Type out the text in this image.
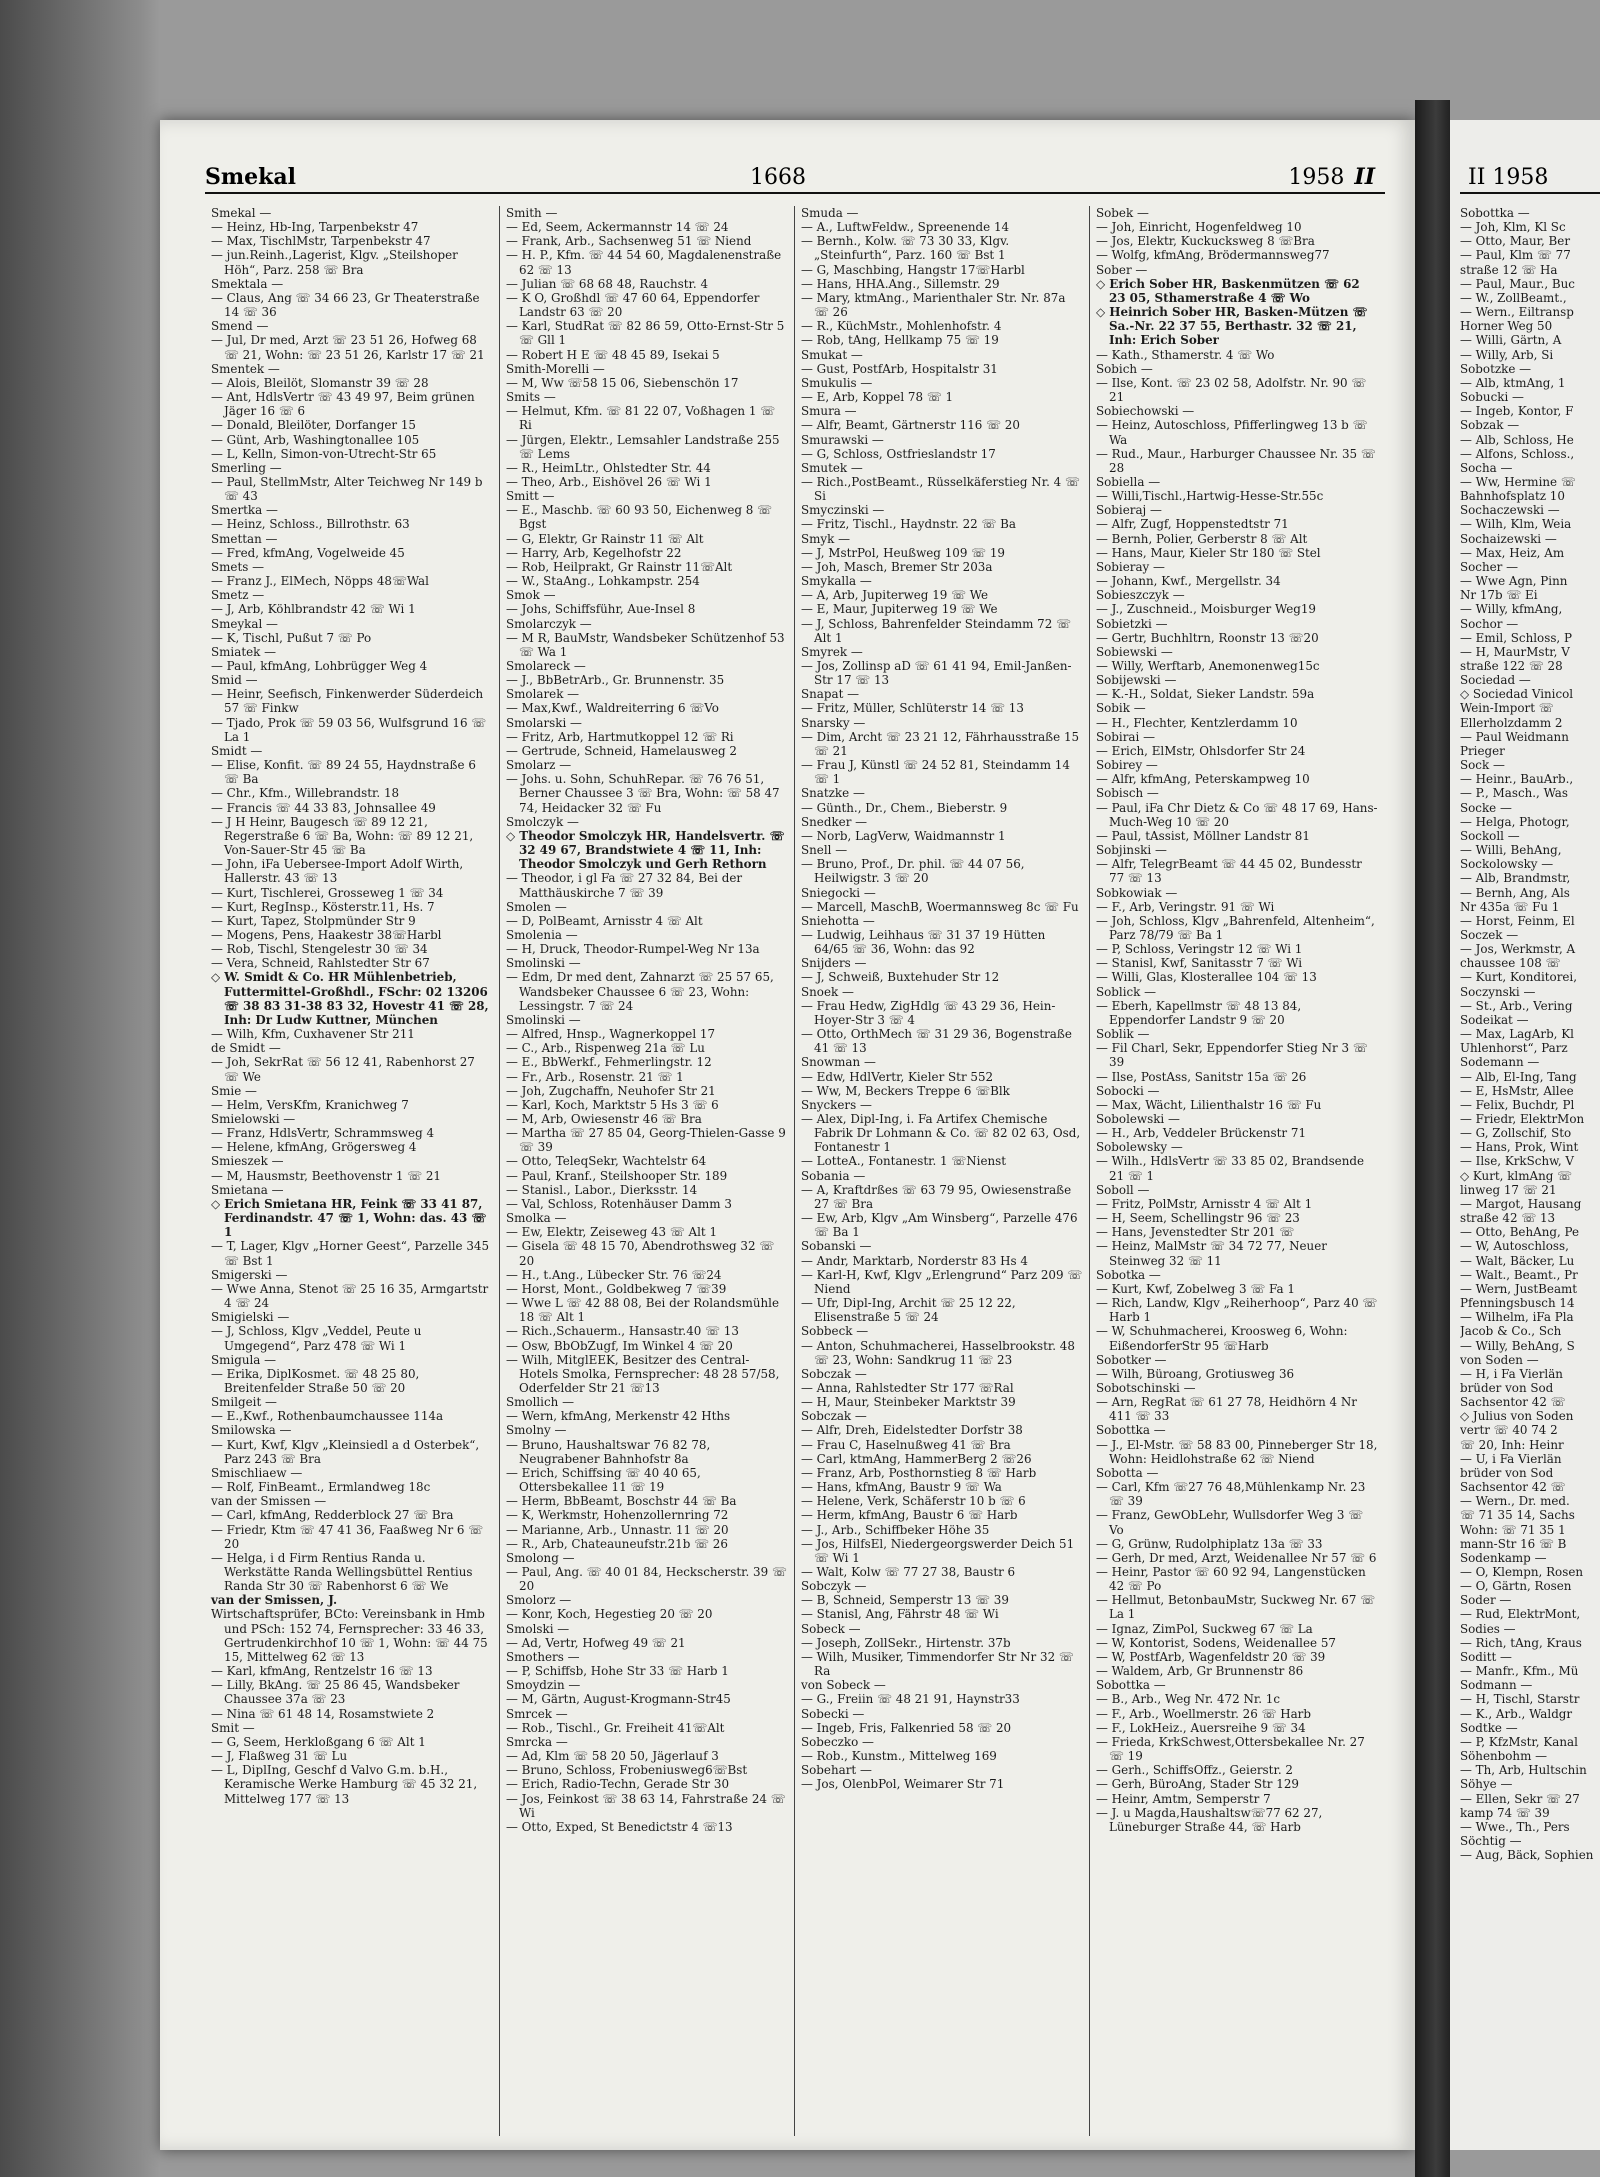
Smekal	1668	1958 II
Smekal —
— Heinz, Hb-Ing, Tarpenbekstr 47
— Max, TischlMstr, Tarpenbekstr 47
— jun.Reinh.,Lagerist, Klgv. „Steilshoper Höh“, Parz. 258 ☏ Bra
Smektala —
— Claus, Ang ☏ 34 66 23, Gr Theaterstraße 14 ☏ 36
Smend —
— Jul, Dr med, Arzt ☏ 23 51 26, Hofweg 68 ☏ 21, Wohn: ☏ 23 51 26, Karlstr 17 ☏ 21
Smentek —
— Alois, Bleilöt, Slomanstr 39 ☏ 28
— Ant, HdlsVertr ☏ 43 49 97, Beim grünen Jäger 16 ☏ 6
— Donald, Bleilöter, Dorfanger 15
— Günt, Arb, Washingtonallee 105
— L, Kelln, Simon-von-Utrecht-Str 65
Smerling —
— Paul, StellmMstr, Alter Teichweg Nr 149 b ☏ 43
Smertka —
— Heinz, Schloss., Billrothstr. 63
Smettan —
— Fred, kfmAng, Vogelweide 45
Smets —
— Franz J., ElMech, Nöpps 48☏Wal
Smetz —
— J, Arb, Köhlbrandstr 42 ☏ Wi 1
Smeykal —
— K, Tischl, Pußut 7 ☏ Po
Smiatek —
— Paul, kfmAng, Lohbrügger Weg 4
Smid —
— Heinr, Seefisch, Finkenwerder Süderdeich 57 ☏ Finkw
— Tjado, Prok ☏ 59 03 56, Wulfsgrund 16 ☏ La 1
Smidt —
— Elise, Konfit. ☏ 89 24 55, Haydnstraße 6 ☏ Ba
— Chr., Kfm., Willebrandstr. 18
— Francis ☏ 44 33 83, Johnsallee 49
— J H Heinr, Baugesch ☏ 89 12 21, Regerstraße 6 ☏ Ba, Wohn: ☏ 89 12 21, Von-Sauer-Str 45 ☏ Ba
— John, iFa Uebersee-Import Adolf Wirth, Hallerstr. 43 ☏ 13
— Kurt, Tischlerei, Grosseweg 1 ☏ 34
— Kurt, RegInsp., Kösterstr.11, Hs. 7
— Kurt, Tapez, Stolpmünder Str 9
— Mogens, Pens, Haakestr 38☏Harbl
— Rob, Tischl, Stengelestr 30 ☏ 34
— Vera, Schneid, Rahlstedter Str 67
◇ W. Smidt & Co. HR Mühlenbetrieb, Futtermittel-Großhdl., FSchr: 02 13206 ☏ 38 83 31-38 83 32, Hovestr 41 ☏ 28, Inh: Dr Ludw Kuttner, München
— Wilh, Kfm, Cuxhavener Str 211
de Smidt —
— Joh, SekrRat ☏ 56 12 41, Rabenhorst 27 ☏ We
Smie —
— Helm, VersKfm, Kranichweg 7
Smielowski —
— Franz, HdlsVertr, Schrammsweg 4
— Helene, kfmAng, Grögersweg 4
Smieszek —
— M, Hausmstr, Beethovenstr 1 ☏ 21
Smietana —
◇ Erich Smietana HR, Feink ☏ 33 41 87, Ferdinandstr. 47 ☏ 1, Wohn: das. 43 ☏ 1
— T, Lager, Klgv „Horner Geest“, Parzelle 345 ☏ Bst 1
Smigerski —
— Wwe Anna, Stenot ☏ 25 16 35, Armgartstr 4 ☏ 24
Smigielski —
— J, Schloss, Klgv „Veddel, Peute u Umgegend“, Parz 478 ☏ Wi 1
Smigula —
— Erika, DiplKosmet. ☏ 48 25 80, Breitenfelder Straße 50 ☏ 20
Smilgeit —
— E.,Kwf., Rothenbaumchaussee 114a
Smilowska —
— Kurt, Kwf, Klgv „Kleinsiedl a d Osterbek“, Parz 243 ☏ Bra
Smischliaew —
— Rolf, FinBeamt., Ermlandweg 18c
van der Smissen —
— Carl, kfmAng, Redderblock 27 ☏ Bra
— Friedr, Ktm ☏ 47 41 36, Faaßweg Nr 6 ☏ 20
— Helga, i d Firm Rentius Randa u. Werkstätte Randa Wellingsbüttel Rentius Randa Str 30 ☏ Rabenhorst 6 ☏ We
van der Smissen, J.
Wirtschaftsprüfer, BCto: Vereinsbank in Hmb und PSch: 152 74, Fernsprecher: 33 46 33, Gertrudenkirchhof 10 ☏ 1, Wohn: ☏ 44 75 15, Mittelweg 62 ☏ 13
— Karl, kfmAng, Rentzelstr 16 ☏ 13
— Lilly, BkAng. ☏ 25 86 45, Wandsbeker Chaussee 37a ☏ 23
— Nina ☏ 61 48 14, Rosamstwiete 2
Smit —
— G, Seem, Herkloßgang 6 ☏ Alt 1
— J, Flaßweg 31 ☏ Lu
— L, DiplIng, Geschf d Valvo G.m. b.H., Keramische Werke Hamburg ☏ 45 32 21, Mittelweg 177 ☏ 13
Smith —
— Ed, Seem, Ackermannstr 14 ☏ 24
— Frank, Arb., Sachsenweg 51 ☏ Niend
— H. P., Kfm. ☏ 44 54 60, Magdalenenstraße 62 ☏ 13
— Julian ☏ 68 68 48, Rauchstr. 4
— K O, Großhdl ☏ 47 60 64, Eppendorfer Landstr 63 ☏ 20
— Karl, StudRat ☏ 82 86 59, Otto-Ernst-Str 5 ☏ Gll 1
— Robert H E ☏ 48 45 89, Isekai 5
Smith-Morelli —
— M, Ww ☏58 15 06, Siebenschön 17
Smits —
— Helmut, Kfm. ☏ 81 22 07, Voßhagen 1 ☏ Ri
— Jürgen, Elektr., Lemsahler Landstraße 255 ☏ Lems
— R., HeimLtr., Ohlstedter Str. 44
— Theo, Arb., Eishövel 26 ☏ Wi 1
Smitt —
— E., Maschb. ☏ 60 93 50, Eichenweg 8 ☏ Bgst
— G, Elektr, Gr Rainstr 11 ☏ Alt
— Harry, Arb, Kegelhofstr 22
— Rob, Heilprakt, Gr Rainstr 11☏Alt
— W., StaAng., Lohkampstr. 254
Smok —
— Johs, Schiffsführ, Aue-Insel 8
Smolarczyk —
— M R, BauMstr, Wandsbeker Schützenhof 53 ☏ Wa 1
Smolareck —
— J., BbBetrArb., Gr. Brunnenstr. 35
Smolarek —
— Max,Kwf., Waldreiterring 6 ☏Vo
Smolarski —
— Fritz, Arb, Hartmutkoppel 12 ☏ Ri
— Gertrude, Schneid, Hamelausweg 2
Smolarz —
— Johs. u. Sohn, SchuhRepar. ☏ 76 76 51, Berner Chaussee 3 ☏ Bra, Wohn: ☏ 58 47 74, Heidacker 32 ☏ Fu
Smolczyk —
◇ Theodor Smolczyk HR, Handelsvertr. ☏ 32 49 67, Brandstwiete 4 ☏ 11, Inh: Theodor Smolczyk und Gerh Rethorn
— Theodor, i gl Fa ☏ 27 32 84, Bei der Matthäuskirche 7 ☏ 39
Smolen —
— D, PolBeamt, Arnisstr 4 ☏ Alt
Smolenia —
— H, Druck, Theodor-Rumpel-Weg Nr 13a
Smolinski —
— Edm, Dr med dent, Zahnarzt ☏ 25 57 65, Wandsbeker Chaussee 6 ☏ 23, Wohn: Lessingstr. 7 ☏ 24
Smolinski —
— Alfred, Hnsp., Wagnerkoppel 17
— C., Arb., Rispenweg 21a ☏ Lu
— E., BbWerkf., Fehmerlingstr. 12
— Fr., Arb., Rosenstr. 21 ☏ 1
— Joh, Zugchaffn, Neuhofer Str 21
— Karl, Koch, Marktstr 5 Hs 3 ☏ 6
— M, Arb, Owiesenstr 46 ☏ Bra
— Martha ☏ 27 85 04, Georg-Thielen-Gasse 9 ☏ 39
— Otto, TeleqSekr, Wachtelstr 64
— Paul, Kranf., Steilshooper Str. 189
— Stanisl., Labor., Dierksstr. 14
— Val, Schloss, Rotenhäuser Damm 3
Smolka —
— Ew, Elektr, Zeiseweg 43 ☏ Alt 1
— Gisela ☏ 48 15 70, Abendrothsweg 32 ☏ 20
— H., t.Ang., Lübecker Str. 76 ☏24
— Horst, Mont., Goldbekweg 7 ☏39
— Wwe L ☏ 42 88 08, Bei der Rolandsmühle 18 ☏ Alt 1
— Rich.,Schauerm., Hansastr.40 ☏ 13
— Osw, BbObZugf, Im Winkel 4 ☏ 20
— Wilh, MitglEEK, Besitzer des Central-Hotels Smolka, Fernsprecher: 48 28 57/58, Oderfelder Str 21 ☏13
Smollich —
— Wern, kfmAng, Merkenstr 42 Hths
Smolny —
— Bruno, Haushaltswar 76 82 78, Neugrabener Bahnhofstr 8a
— Erich, Schiffsing ☏ 40 40 65, Ottersbekallee 11 ☏ 19
— Herm, BbBeamt, Boschstr 44 ☏ Ba
— K, Werkmstr, Hohenzollernring 72
— Marianne, Arb., Unnastr. 11 ☏ 20
— R., Arb, Chateauneufstr.21b ☏ 26
Smolong —
— Paul, Ang. ☏ 40 01 84, Heckscherstr. 39 ☏ 20
Smolorz —
— Konr, Koch, Hegestieg 20 ☏ 20
Smolski —
— Ad, Vertr, Hofweg 49 ☏ 21
Smothers —
— P, Schiffsb, Hohe Str 33 ☏ Harb 1
Smoydzin —
— M, Gärtn, August-Krogmann-Str45
Smrcek —
— Rob., Tischl., Gr. Freiheit 41☏Alt
Smrcka —
— Ad, Klm ☏ 58 20 50, Jägerlauf 3
— Bruno, Schloss, Frobeniusweg6☏Bst
— Erich, Radio-Techn, Gerade Str 30
— Jos, Feinkost ☏ 38 63 14, Fahrstraße 24 ☏ Wi
— Otto, Exped, St Benedictstr 4 ☏13
Smuda —
— A., LuftwFeldw., Spreenende 14
— Bernh., Kolw. ☏ 73 30 33, Klgv. „Steinfurth“, Parz. 160 ☏ Bst 1
— G, Maschbing, Hangstr 17☏Harbl
— Hans, HHA.Ang., Sillemstr. 29
— Mary, ktmAng., Marienthaler Str. Nr. 87a ☏ 26
— R., KüchMstr., Mohlenhofstr. 4
— Rob, tAng, Hellkamp 75 ☏ 19
Smukat —
— Gust, PostfArb, Hospitalstr 31
Smukulis —
— E, Arb, Koppel 78 ☏ 1
Smura —
— Alfr, Beamt, Gärtnerstr 116 ☏ 20
Smurawski —
— G, Schloss, Ostfrieslandstr 17
Smutek —
— Rich.,PostBeamt., Rüsselkäferstieg Nr. 4 ☏ Si
Smyczinski —
— Fritz, Tischl., Haydnstr. 22 ☏ Ba
Smyk —
— J, MstrPol, Heußweg 109 ☏ 19
— Joh, Masch, Bremer Str 203a
Smykalla —
— A, Arb, Jupiterweg 19 ☏ We
— E, Maur, Jupiterweg 19 ☏ We
— J, Schloss, Bahrenfelder Steindamm 72 ☏ Alt 1
Smyrek —
— Jos, Zollinsp aD ☏ 61 41 94, Emil-Janßen-Str 17 ☏ 13
Snapat —
— Fritz, Müller, Schlüterstr 14 ☏ 13
Snarsky —
— Dim, Archt ☏ 23 21 12, Fährhausstraße 15 ☏ 21
— Frau J, Künstl ☏ 24 52 81, Steindamm 14 ☏ 1
Snatzke —
— Günth., Dr., Chem., Bieberstr. 9
Snedker —
— Norb, LagVerw, Waidmannstr 1
Snell —
— Bruno, Prof., Dr. phil. ☏ 44 07 56, Heilwigstr. 3 ☏ 20
Sniegocki —
— Marcell, MaschB, Woermannsweg 8c ☏ Fu
Sniehotta —
— Ludwig, Leihhaus ☏ 31 37 19 Hütten 64/65 ☏ 36, Wohn: das 92
Snijders —
— J, Schweiß, Buxtehuder Str 12
Snoek —
— Frau Hedw, ZigHdlg ☏ 43 29 36, Hein-Hoyer-Str 3 ☏ 4
— Otto, OrthMech ☏ 31 29 36, Bogenstraße 41 ☏ 13
Snowman —
— Edw, HdlVertr, Kieler Str 552
— Ww, M, Beckers Treppe 6 ☏Blk
Snyckers —
— Alex, Dipl-Ing, i. Fa Artifex Chemische Fabrik Dr Lohmann & Co. ☏ 82 02 63, Osd, Fontanestr 1
— LotteA., Fontanestr. 1 ☏Nienst
Sobania —
— A, Kraftdrßes ☏ 63 79 95, Owiesenstraße 27 ☏ Bra
— Ew, Arb, Klgv „Am Winsberg“, Parzelle 476 ☏ Ba 1
Sobanski —
— Andr, Marktarb, Norderstr 83 Hs 4
— Karl-H, Kwf, Klgv „Erlengrund“ Parz 209 ☏ Niend
— Ufr, Dipl-Ing, Archit ☏ 25 12 22, Elisenstraße 5 ☏ 24
Sobbeck —
— Anton, Schuhmacherei, Hasselbrookstr. 48 ☏ 23, Wohn: Sandkrug 11 ☏ 23
Sobczak —
— Anna, Rahlstedter Str 177 ☏Ral
— H, Maur, Steinbeker Marktstr 39
Sobczak —
— Alfr, Dreh, Eidelstedter Dorfstr 38
— Frau C, Haselnußweg 41 ☏ Bra
— Carl, ktmAng, HammerBerg 2 ☏26
— Franz, Arb, Posthornstieg 8 ☏ Harb
— Hans, kfmAng, Baustr 9 ☏ Wa
— Helene, Verk, Schäferstr 10 b ☏ 6
— Herm, kfmAng, Baustr 6 ☏ Harb
— J., Arb., Schiffbeker Höhe 35
— Jos, HilfsEl, Niedergeorgswerder Deich 51 ☏ Wi 1
— Walt, Kolw ☏ 77 27 38, Baustr 6
Sobczyk —
— B, Schneid, Semperstr 13 ☏ 39
— Stanisl, Ang, Fährstr 48 ☏ Wi
Sobeck —
— Joseph, ZollSekr., Hirtenstr. 37b
— Wilh, Musiker, Timmendorfer Str Nr 32 ☏ Ra
von Sobeck —
— G., Freiin ☏ 48 21 91, Haynstr33
Sobecki —
— Ingeb, Fris, Falkenried 58 ☏ 20
Sobeczko —
— Rob., Kunstm., Mittelweg 169
Sobehart —
— Jos, OlenbPol, Weimarer Str 71
Sobek —
— Joh, Einricht, Hogenfeldweg 10
— Jos, Elektr, Kuckucksweg 8 ☏Bra
— Wolfg, kfmAng, Brödermannsweg77
Sober —
◇ Erich Sober HR, Baskenmützen ☏ 62 23 05, Sthamerstraße 4 ☏ Wo
◇ Heinrich Sober HR, Basken-Mützen ☏ Sa.-Nr. 22 37 55, Berthastr. 32 ☏ 21, Inh: Erich Sober
— Kath., Sthamerstr. 4 ☏ Wo
Sobich —
— Ilse, Kont. ☏ 23 02 58, Adolfstr. Nr. 90 ☏ 21
Sobiechowski —
— Heinz, Autoschloss, Pfifferlingweg 13 b ☏ Wa
— Rud., Maur., Harburger Chaussee Nr. 35 ☏ 28
Sobiella —
— Willi,Tischl.,Hartwig-Hesse-Str.55c
Sobieraj —
— Alfr, Zugf, Hoppenstedtstr 71
— Bernh, Polier, Gerberstr 8 ☏ Alt
— Hans, Maur, Kieler Str 180 ☏ Stel
Sobieray —
— Johann, Kwf., Mergellstr. 34
Sobieszczyk —
— J., Zuschneid., Moisburger Weg19
Sobietzki —
— Gertr, Buchhltrn, Roonstr 13 ☏20
Sobiewski —
— Willy, Werftarb, Anemonenweg15c
Sobijewski —
— K.-H., Soldat, Sieker Landstr. 59a
Sobik —
— H., Flechter, Kentzlerdamm 10
Sobirai —
— Erich, ElMstr, Ohlsdorfer Str 24
Sobirey —
— Alfr, kfmAng, Peterskampweg 10
Sobisch —
— Paul, iFa Chr Dietz & Co ☏ 48 17 69, Hans-Much-Weg 10 ☏ 20
— Paul, tAssist, Möllner Landstr 81
Sobjinski —
— Alfr, TelegrBeamt ☏ 44 45 02, Bundesstr 77 ☏ 13
Sobkowiak —
— F., Arb, Veringstr. 91 ☏ Wi
— Joh, Schloss, Klgv „Bahrenfeld, Altenheim“, Parz 78/79 ☏ Ba 1
— P, Schloss, Veringstr 12 ☏ Wi 1
— Stanisl, Kwf, Sanitasstr 7 ☏ Wi
— Willi, Glas, Klosterallee 104 ☏ 13
Soblick —
— Eberh, Kapellmstr ☏ 48 13 84, Eppendorfer Landstr 9 ☏ 20
Soblik —
— Fil Charl, Sekr, Eppendorfer Stieg Nr 3 ☏ 39
— Ilse, PostAss, Sanitstr 15a ☏ 26
Sobocki —
— Max, Wächt, Lilienthalstr 16 ☏ Fu
Sobolewski —
— H., Arb, Veddeler Brückenstr 71
Sobolewsky —
— Wilh., HdlsVertr ☏ 33 85 02, Brandsende 21 ☏ 1
Soboll —
— Fritz, PolMstr, Arnisstr 4 ☏ Alt 1
— H, Seem, Schellingstr 96 ☏ 23
— Hans, Jevenstedter Str 201 ☏
— Heinz, MalMstr ☏ 34 72 77, Neuer Steinweg 32 ☏ 11
Sobotka —
— Kurt, Kwf, Zobelweg 3 ☏ Fa 1
— Rich, Landw, Klgv „Reiherhoop“, Parz 40 ☏ Harb 1
— W, Schuhmacherei, Kroosweg 6, Wohn: EißendorferStr 95 ☏Harb
Sobotker —
— Wilh, Büroang, Grotiusweg 36
Sobotschinski —
— Arn, RegRat ☏ 61 27 78, Heidhörn 4 Nr 411 ☏ 33
Sobottka —
— J., El-Mstr. ☏ 58 83 00, Pinneberger Str 18, Wohn: Heidlohstraße 62 ☏ Niend
Sobotta —
— Carl, Kfm ☏27 76 48,Mühlenkamp Nr. 23 ☏ 39
— Franz, GewObLehr, Wullsdorfer Weg 3 ☏ Vo
— G, Grünw, Rudolphiplatz 13a ☏ 33
— Gerh, Dr med, Arzt, Weidenallee Nr 57 ☏ 6
— Heinr, Pastor ☏ 60 92 94, Langenstücken 42 ☏ Po
— Hellmut, BetonbauMstr, Suckweg Nr. 67 ☏ La 1
— Ignaz, ZimPol, Suckweg 67 ☏ La
— W, Kontorist, Sodens, Weidenallee 57
— W, PostfArb, Wagenfeldstr 20 ☏ 39
— Waldem, Arb, Gr Brunnenstr 86
Sobottka —
— B., Arb., Weg Nr. 472 Nr. 1c
— F., Arb., Woellmerstr. 26 ☏ Harb
— F., LokHeiz., Auersreihe 9 ☏ 34
— Frieda, KrkSchwest,Ottersbekallee Nr. 27 ☏ 19
— Gerh., SchiffsOffz., Geierstr. 2
— Gerh, BüroAng, Stader Str 129
— Heinr, Amtm, Semperstr 7
— J. u Magda,Haushaltsw☏77 62 27, Lüneburger Straße 44, ☏ Harb
II 1958
Sobottka —
— Joh, Klm, Kl Sc
— Otto, Maur, Ber
— Paul, Klm ☏ 77
straße 12 ☏ Ha
— Paul, Maur., Buc
— W., ZollBeamt.,
— Wern., Eiltransp
Horner Weg 50
— Willi, Gärtn, A
— Willy, Arb, Si
Sobotzke —
— Alb, ktmAng, 1
Sobucki —
— Ingeb, Kontor, F
Sobzak —
— Alb, Schloss, He
— Alfons, Schloss.,
Socha —
— Ww, Hermine ☏
Bahnhofsplatz 10
Sochaczewski —
— Wilh, Klm, Weia
Sochaizewski —
— Max, Heiz, Am
Socher —
— Wwe Agn, Pinn
Nr 17b ☏ Ei
— Willy, kfmAng,
Sochor —
— Emil, Schloss, P
— H, MaurMstr, V
straße 122 ☏ 28
Sociedad —
◇ Sociedad Vinicol
Wein-Import ☏
Ellerholzdamm 2
— Paul Weidmann
Prieger
Sock —
— Heinr., BauArb.,
— P., Masch., Was
Socke —
— Helga, Photogr,
Sockoll —
— Willi, BehAng,
Sockolowsky —
— Alb, Brandmstr,
— Bernh, Ang, Als
Nr 435a ☏ Fu 1
— Horst, Feinm, El
Soczek —
— Jos, Werkmstr, A
chaussee 108 ☏
— Kurt, Konditorei,
Soczynski —
— St., Arb., Vering
Sodeikat —
— Max, LagArb, Kl
Uhlenhorst“, Parz
Sodemann —
— Alb, El-Ing, Tang
— E, HsMstr, Allee
— Felix, Buchdr, Pl
— Friedr, ElektrMon
— G, Zollschif, Sto
— Hans, Prok, Wint
— Ilse, KrkSchw, V
◇ Kurt, klmAng ☏
linweg 17 ☏ 21
— Margot, Hausang
straße 42 ☏ 13
— Otto, BehAng, Pe
— W, Autoschloss,
— Walt, Bäcker, Lu
— Walt., Beamt., Pr
— Wern, JustBeamt
Pfenningsbusch 14
— Wilhelm, iFa Pla
Jacob & Co., Sch
— Willy, BehAng, S
von Soden —
— H, i Fa Vierlän
brüder von Sod
Sachsentor 42 ☏
◇ Julius von Soden
vertr ☏ 40 74 2
☏ 20, Inh: Heinr
— U, i Fa Vierlän
brüder von Sod
Sachsentor 42 ☏
— Wern., Dr. med.
☏ 71 35 14, Sachs
Wohn: ☏ 71 35 1
mann-Str 16 ☏ B
Sodenkamp —
— O, Klempn, Rosen
— O, Gärtn, Rosen
Soder —
— Rud, ElektrMont,
Sodies —
— Rich, tAng, Kraus
Soditt —
— Manfr., Kfm., Mü
Sodmann —
— H, Tischl, Starstr
— K., Arb., Waldgr
Sodtke —
— P, KfzMstr, Kanal
Söhenbohm —
— Th, Arb, Hultschin
Söhye —
— Ellen, Sekr ☏ 27
kamp 74 ☏ 39
— Wwe., Th., Pers
Söchtig —
— Aug, Bäck, Sophien
